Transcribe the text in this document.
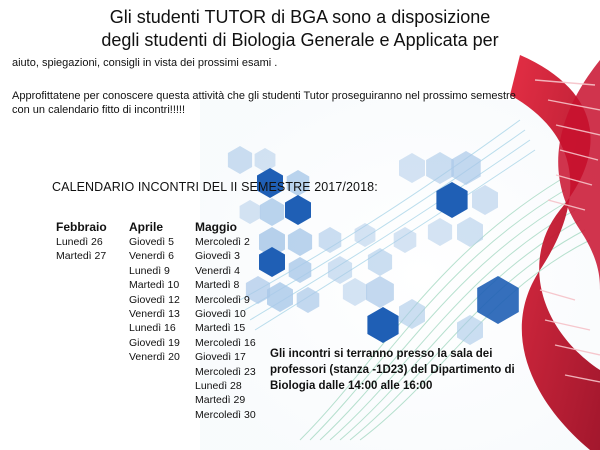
Gli studenti TUTOR di BGA sono a disposizione
degli studenti di Biologia Generale e Applicata per
aiuto, spiegazioni, consigli in vista dei prossimi esami .
Approfittatene per conoscere questa attività che gli studenti Tutor proseguiranno nel prossimo semestre con un calendario fitto di incontri!!!!!
CALENDARIO INCONTRI DEL II SEMESTRE 2017/2018:
Febbraio
Lunedì 26
Martedì 27
Aprile
Giovedì 5
Venerdì 6
Lunedì 9
Martedì 10
Giovedì 12
Venerdì 13
Lunedì 16
Giovedì 19
Venerdì 20
Maggio
Mercoledì 2
Giovedì 3
Venerdì 4
Martedì 8
Mercoledì 9
Giovedì 10
Martedì 15
Mercoledì 16
Giovedì 17
Mercoledì 23
Lunedì 28
Martedì 29
Mercoledì 30
Gli incontri si terranno presso la sala dei professori (stanza -1D23) del Dipartimento di Biologia dalle 14:00 alle 16:00
